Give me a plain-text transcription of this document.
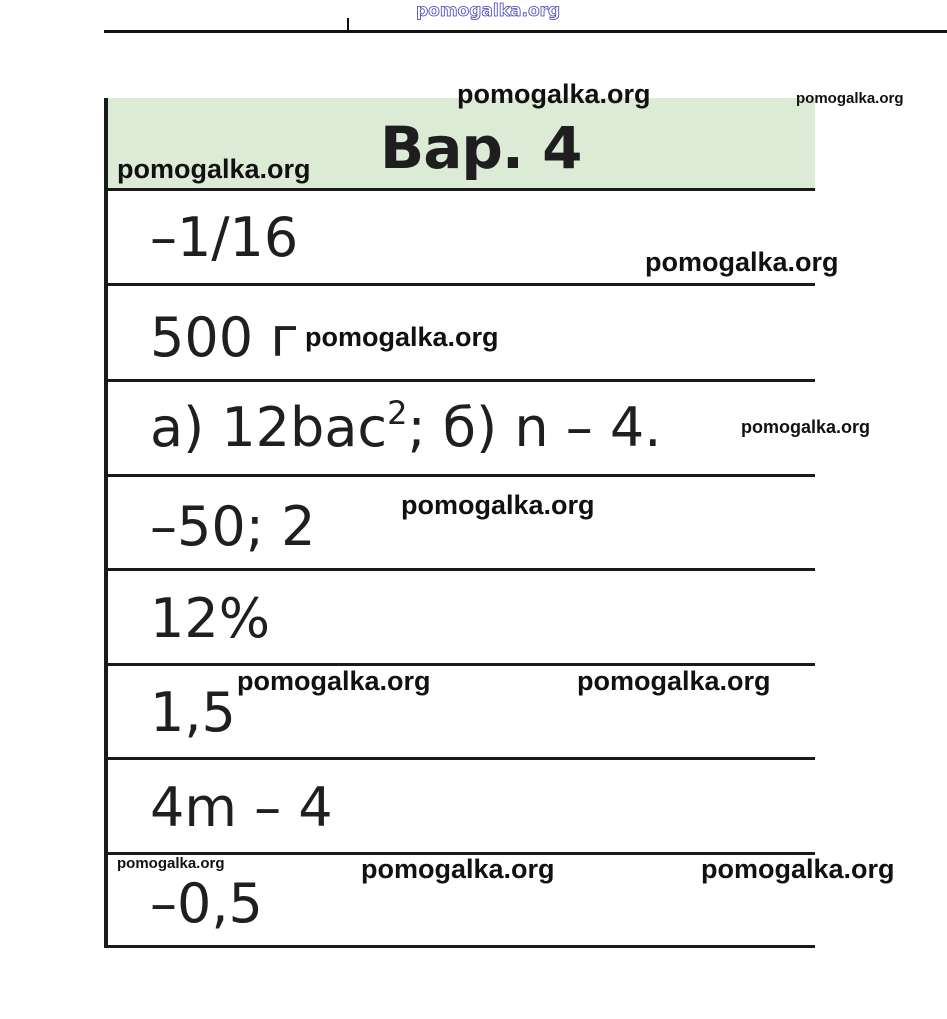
pomogalka.org
Вар. 4
–1/16
500 г
а) 12bac$^2$; б) n – 4.
–50; 2
12%
1,5
4m – 4
–0,5
pomogalka.org	pomogalka.org
pomogalka.org
pomogalka.org
pomogalka.org
pomogalka.org
pomogalka.org
pomogalka.org	pomogalka.org
pomogalka.org	pomogalka.org	pomogalka.org
